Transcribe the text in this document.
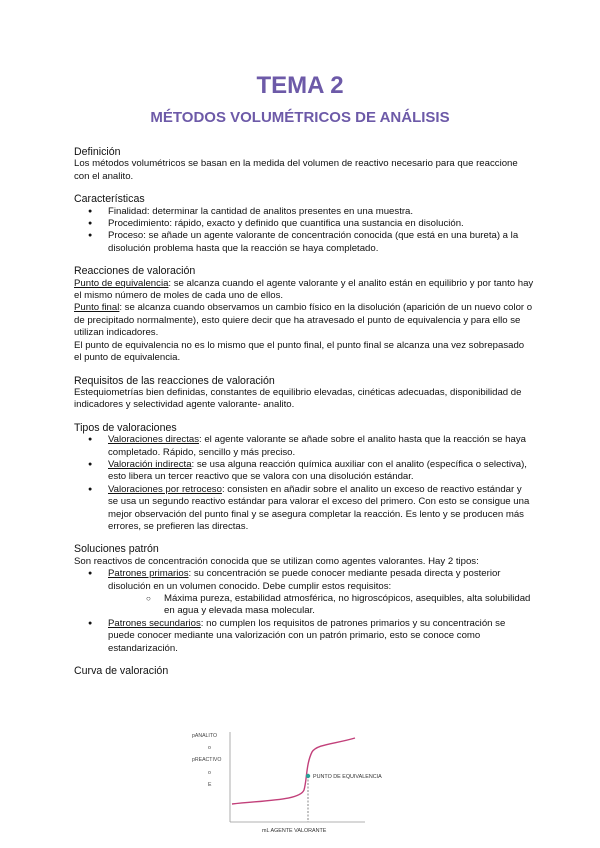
TEMA 2
MÉTODOS VOLUMÉTRICOS DE ANÁLISIS

Definición

Los métodos volumétricos se basan en la medida del volumen de reactivo necesario para que reaccione con el analito.

Características

● Finalidad: determinar la cantidad de analitos presentes en una muestra.
● Procedimiento: rápido, exacto y definido que cuantifica una sustancia en disolución.
● Proceso: se añade un agente valorante de concentración conocida (que está en una bureta) a la disolución problema hasta que la reacción se haya completado.

Reacciones de valoración

Punto de equivalencia: se alcanza cuando el agente valorante y el analito están en equilibrio y por tanto hay el mismo número de moles de cada uno de ellos.

Punto final: se alcanza cuando observamos un cambio físico en la disolución (aparición de un nuevo color o de precipitado normalmente), esto quiere decir que ha atravesado el punto de equivalencia y para ello se utilizan indicadores.

El punto de equivalencia no es lo mismo que el punto final, el punto final se alcanza una vez sobrepasado el punto de equivalencia.

Requisitos de las reacciones de valoración

Estequiometrías bien definidas, constantes de equilibrio elevadas, cinéticas adecuadas, disponibilidad de indicadores y selectividad agente valorante- analito.

Tipos de valoraciones

● Valoraciones directas: el agente valorante se añade sobre el analito hasta que la reacción se haya completado. Rápido, sencillo y más preciso.
● Valoración indirecta: se usa alguna reacción química auxiliar con el analito (específica o selectiva), esto libera un tercer reactivo que se valora con una disolución estándar.
● Valoraciones por retroceso: consisten en añadir sobre el analito un exceso de reactivo estándar y se usa un segundo reactivo estándar para valorar el exceso del primero. Con esto se consigue una mejor observación del punto final y se asegura completar la reacción. Es lento y se producen más errores, se prefieren las directas.

Soluciones patrón

Son reactivos de concentración conocida que se utilizan como agentes valorantes. Hay 2 tipos:

● Patrones primarios: su concentración se puede conocer mediante pesada directa y posterior disolución en un volumen conocido. Debe cumplir estos requisitos:
○ Máxima pureza, estabilidad atmosférica, no higroscópicos, asequibles, alta solubilidad en agua y elevada masa molecular.
● Patrones secundarios: no cumplen los requisitos de patrones primarios y su concentración se puede conocer mediante una valorización con un patrón primario, esto se conoce como estandarización.

Curva de valoración

pANALITO
o
pREACTIVO
o
E
PUNTO DE EQUIVALENCIA
mL AGENTE VALORANTE
